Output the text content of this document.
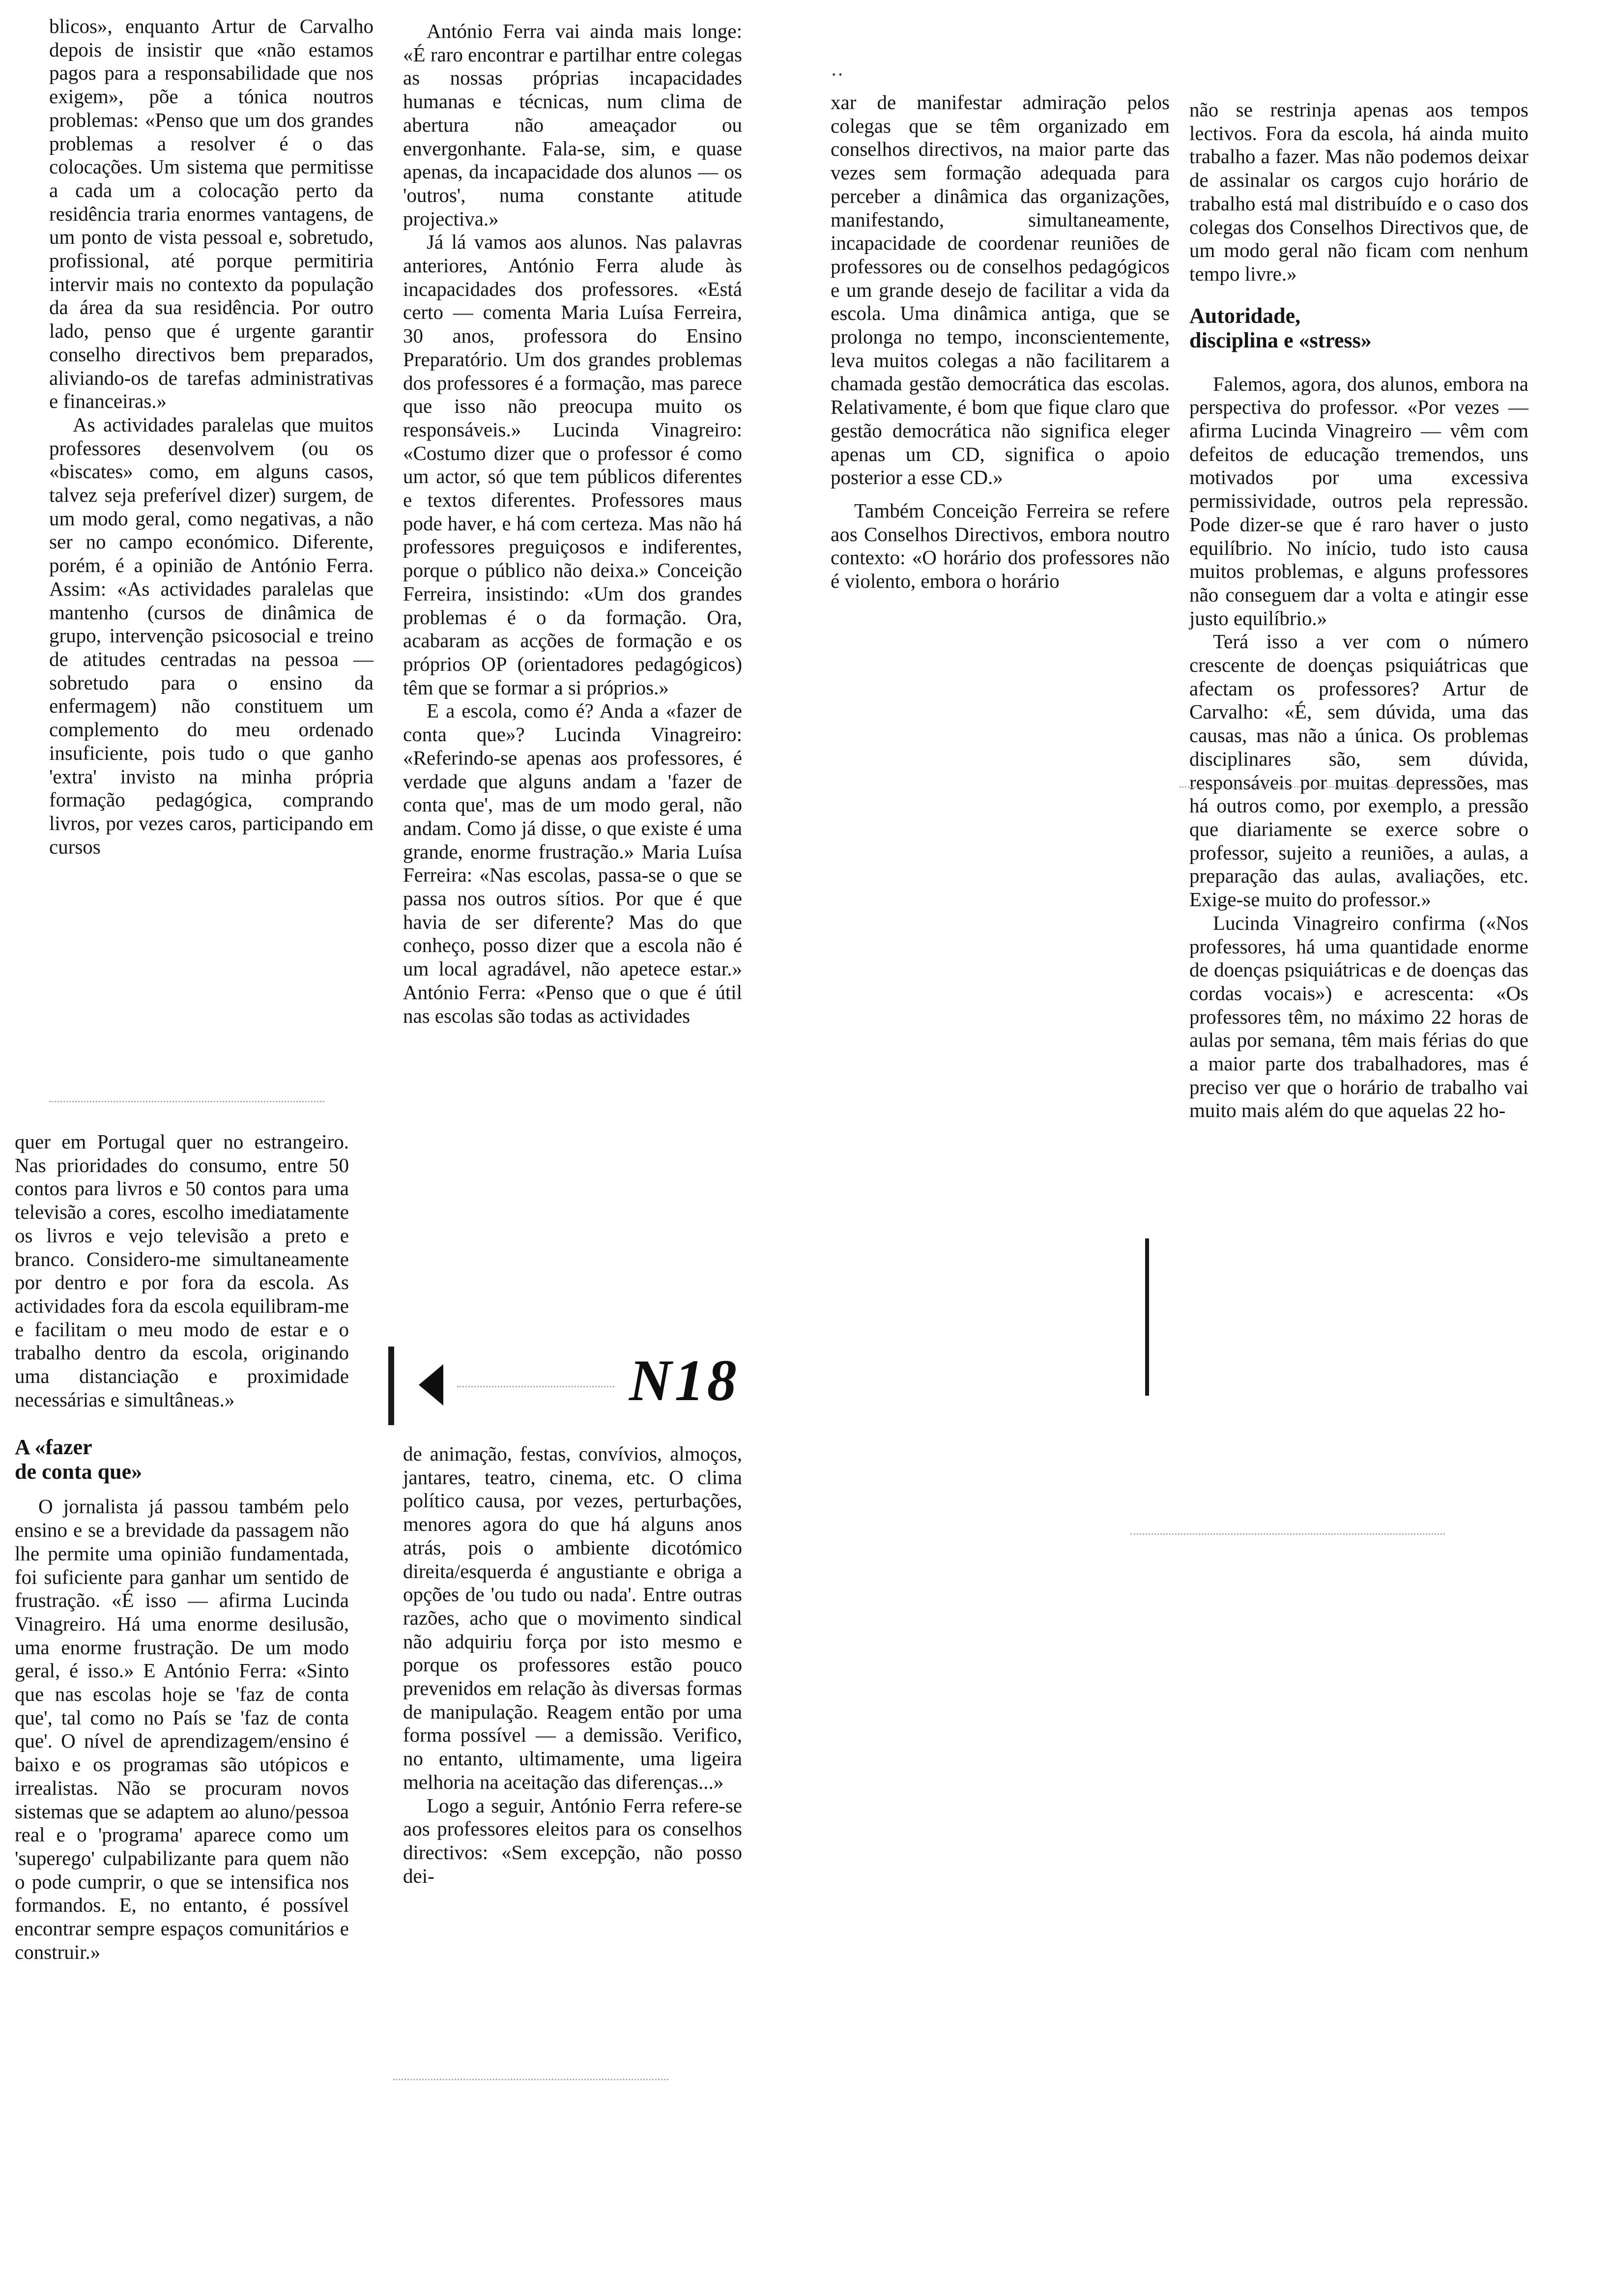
blicos», enquanto Artur de Carvalho depois de insistir que «não estamos pagos para a responsabilidade que nos exigem», põe a tónica noutros problemas: «Penso que um dos grandes problemas a resolver é o das colocações. Um sistema que permitisse a cada um a colocação perto da residência traria enormes vantagens, de um ponto de vista pessoal e, sobretudo, profissional, até porque permitiria intervir mais no contexto da população da área da sua residência. Por outro lado, penso que é urgente garantir conselho directivos bem preparados, aliviando-os de tarefas administrativas e financeiras.»

As actividades paralelas que muitos professores desenvolvem (ou os «biscates» como, em alguns casos, talvez seja preferível dizer) surgem, de um modo geral, como negativas, a não ser no campo económico. Diferente, porém, é a opinião de António Ferra. Assim: «As actividades paralelas que mantenho (cursos de dinâmica de grupo, intervenção psicosocial e treino de atitudes centradas na pessoa — sobretudo para o ensino da enfermagem) não constituem um complemento do meu ordenado insuficiente, pois tudo o que ganho 'extra' invisto na minha própria formação pedagógica, comprando livros, por vezes caros, participando em cursos

quer em Portugal quer no estrangeiro. Nas prioridades do consumo, entre 50 contos para livros e 50 contos para uma televisão a cores, escolho imediatamente os livros e vejo televisão a preto e branco. Considero-me simultaneamente por dentro e por fora da escola. As actividades fora da escola equilibram-me e facilitam o meu modo de estar e o trabalho dentro da escola, originando uma distanciação e proximidade necessárias e simultâneas.»

A «fazer
de conta que»

O jornalista já passou também pelo ensino e se a brevidade da passagem não lhe permite uma opinião fundamentada, foi suficiente para ganhar um sentido de frustração. «É isso — afirma Lucinda Vinagreiro. Há uma enorme desilusão, uma enorme frustração. De um modo geral, é isso.» E António Ferra: «Sinto que nas escolas hoje se 'faz de conta que', tal como no País se 'faz de conta que'. O nível de aprendizagem/ensino é baixo e os programas são utópicos e irrealistas. Não se procuram novos sistemas que se adaptem ao aluno/pessoa real e o 'programa' aparece como um 'superego' culpabilizante para quem não o pode cumprir, o que se intensifica nos formandos. E, no entanto, é possível encontrar sempre espaços comunitários e construir.»

António Ferra vai ainda mais longe: «É raro encontrar e partilhar entre colegas as nossas próprias incapacidades humanas e técnicas, num clima de abertura não ameaçador ou envergonhante. Fala-se, sim, e quase apenas, da incapacidade dos alunos — os 'outros', numa constante atitude projectiva.»

Já lá vamos aos alunos. Nas palavras anteriores, António Ferra alude às incapacidades dos professores. «Está certo — comenta Maria Luísa Ferreira, 30 anos, professora do Ensino Preparatório. Um dos grandes problemas dos professores é a formação, mas parece que isso não preocupa muito os responsáveis.» Lucinda Vinagreiro: «Costumo dizer que o professor é como um actor, só que tem públicos diferentes e textos diferentes. Professores maus pode haver, e há com certeza. Mas não há professores preguiçosos e indiferentes, porque o público não deixa.» Conceição Ferreira, insistindo: «Um dos grandes problemas é o da formação. Ora, acabaram as acções de formação e os próprios OP (orientadores pedagógicos) têm que se formar a si próprios.»

E a escola, como é? Anda a «fazer de conta que»? Lucinda Vinagreiro: «Referindo-se apenas aos professores, é verdade que alguns andam a 'fazer de conta que', mas de um modo geral, não andam. Como já disse, o que existe é uma grande, enorme frustração.» Maria Luísa Ferreira: «Nas escolas, passa-se o que se passa nos outros sítios. Por que é que havia de ser diferente? Mas do que conheço, posso dizer que a escola não é um local agradável, não apetece estar.» António Ferra: «Penso que o que é útil nas escolas são todas as actividades

N18

de animação, festas, convívios, almoços, jantares, teatro, cinema, etc. O clima político causa, por vezes, perturbações, menores agora do que há alguns anos atrás, pois o ambiente dicotómico direita/esquerda é angustiante e obriga a opções de 'ou tudo ou nada'. Entre outras razões, acho que o movimento sindical não adquiriu força por isto mesmo e porque os professores estão pouco prevenidos em relação às diversas formas de manipulação. Reagem então por uma forma possível — a demissão. Verifico, no entanto, ultimamente, uma ligeira melhoria na aceitação das diferenças...»

Logo a seguir, António Ferra refere-se aos professores eleitos para os conselhos directivos: «Sem excepção, não posso dei-

··

xar de manifestar admiração pelos colegas que se têm organizado em conselhos directivos, na maior parte das vezes sem formação adequada para perceber a dinâmica das organizações, manifestando, simultaneamente, incapacidade de coordenar reuniões de professores ou de conselhos pedagógicos e um grande desejo de facilitar a vida da escola. Uma dinâmica antiga, que se prolonga no tempo, inconscientemente, leva muitos colegas a não facilitarem a chamada gestão democrática das escolas. Relativamente, é bom que fique claro que gestão democrática não significa eleger apenas um CD, significa o apoio posterior a esse CD.»

Também Conceição Ferreira se refere aos Conselhos Directivos, embora noutro contexto: «O horário dos professores não é violento, embora o horário

não se restrinja apenas aos tempos lectivos. Fora da escola, há ainda muito trabalho a fazer. Mas não podemos deixar de assinalar os cargos cujo horário de trabalho está mal distribuído e o caso dos colegas dos Conselhos Directivos que, de um modo geral não ficam com nenhum tempo livre.»

Autoridade,
disciplina e «stress»

Falemos, agora, dos alunos, embora na perspectiva do professor. «Por vezes — afirma Lucinda Vinagreiro — vêm com defeitos de educação tremendos, uns motivados por uma excessiva permissividade, outros pela repressão. Pode dizer-se que é raro haver o justo equilíbrio. No início, tudo isto causa muitos problemas, e alguns professores não conseguem dar a volta e atingir esse justo equilíbrio.»

Terá isso a ver com o número crescente de doenças psiquiátricas que afectam os professores? Artur de Carvalho: «É, sem dúvida, uma das causas, mas não a única. Os problemas disciplinares são, sem dúvida, responsáveis por muitas depressões, mas há outros como, por exemplo, a pressão que diariamente se exerce sobre o professor, sujeito a reuniões, a aulas, a preparação das aulas, avaliações, etc. Exige-se muito do professor.»

Lucinda Vinagreiro confirma («Nos professores, há uma quantidade enorme de doenças psiquiátricas e de doenças das cordas vocais») e acrescenta: «Os professores têm, no máximo 22 horas de aulas por semana, têm mais férias do que a maior parte dos trabalhadores, mas é preciso ver que o horário de trabalho vai muito mais além do que aquelas 22 ho-
